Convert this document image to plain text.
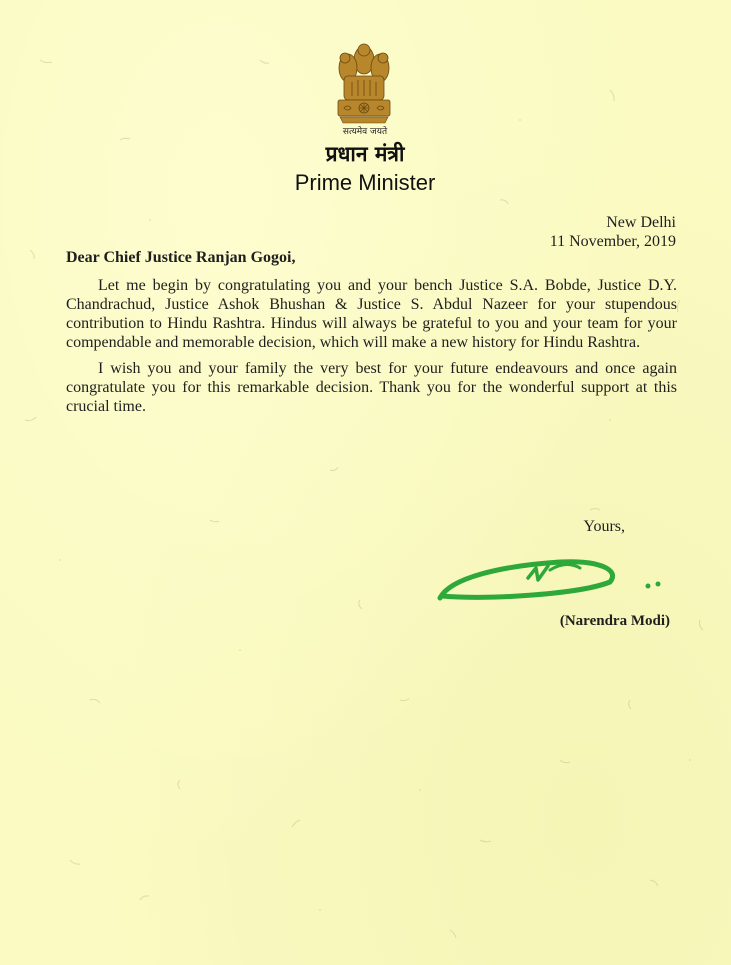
सत्यमेव जयते
प्रधान मंत्री
Prime Minister
New Delhi
11 November, 2019
Dear Chief Justice Ranjan Gogoi,

Let me begin by congratulating you and your bench Justice S.A. Bobde, Justice D.Y. Chandrachud, Justice Ashok Bhushan & Justice S. Abdul Nazeer for your stupendous contribution to Hindu Rashtra. Hindus will always be grateful to you and your team for your compendable and memorable decision, which will make a new history for Hindu Rashtra.

I wish you and your family the very best for your future endeavours and once again congratulate you for this remarkable decision. Thank you for the wonderful support at this crucial time.

Yours,
(Narendra Modi)
